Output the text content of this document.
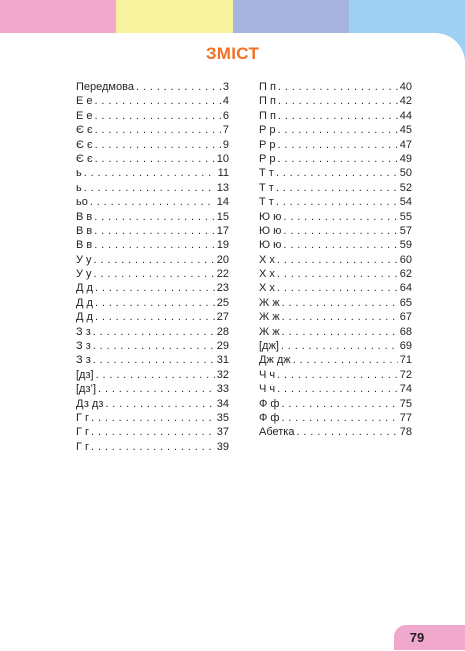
ЗМІСТ
Передмова . . .	3
Е е . . .	4
Е е . . .	6
Є є . . .	7
Є є . . .	9
Є є . . .	10
ь . . .	11
ь . . .	13
ьо . . .	14
В в . . .	15
В в . . .	17
В в . . .	19
У у . . .	20
У у . . .	22
Д д . . .	23
Д д . . .	25
Д д . . .	27
З з . . .	28
З з . . .	29
З з . . .	31
[дз] . . .	32
[дз’] . . .	33
Дз дз . . .	34
Г г . . .	35
Г г . . .	37
Г г . . .	39
П п . . .	40
П п . . .	42
П п . . .	44
Р р . . .	45
Р р . . .	47
Р р . . .	49
Т т . . .	50
Т т . . .	52
Т т . . .	54
Ю ю . . .	55
Ю ю . . .	57
Ю ю . . .	59
Х х . . .	60
Х х . . .	62
Х х . . .	64
Ж ж . . .	65
Ж ж . . .	67
Ж ж . . .	68
[дж] . . .	69
Дж дж . . .	71
Ч ч . . .	72
Ч ч . . .	74
Ф ф . . .	75
Ф ф . . .	77
Абетка . . .	78
79
